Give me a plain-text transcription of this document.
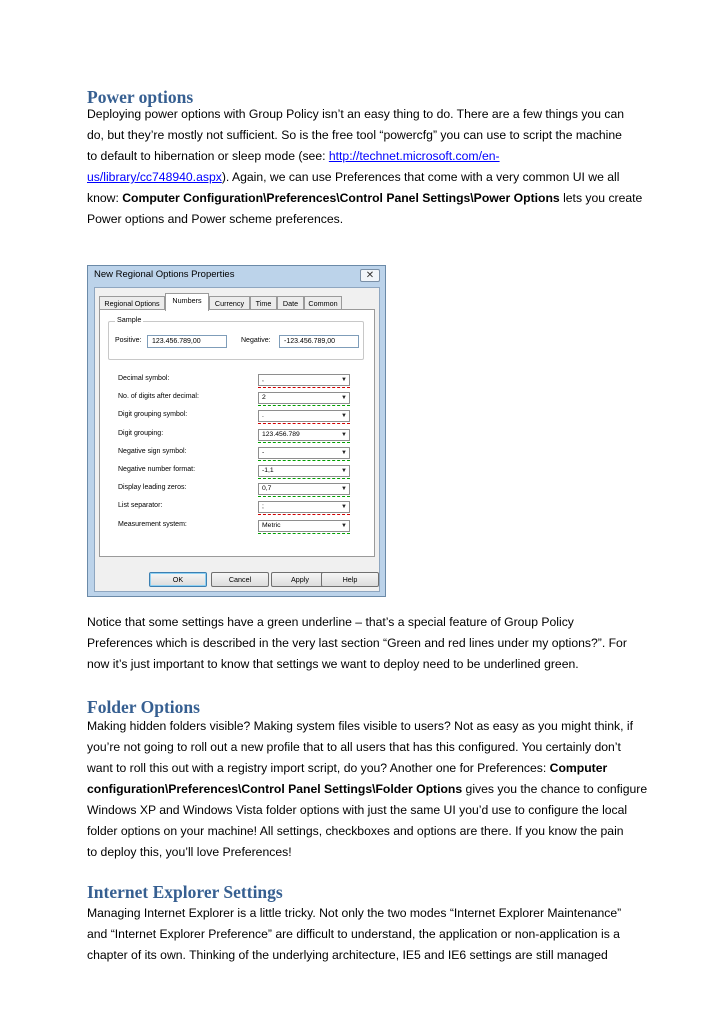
Power options
Deploying power options with Group Policy isn’t an easy thing to do. There are a few things you can
do, but they’re mostly not sufficient. So is the free tool “powercfg” you can use to script the machine
to default to hibernation or sleep mode (see: http://technet.microsoft.com/en-
us/library/cc748940.aspx). Again, we can use Preferences that come with a very common UI we all
know: Computer Configuration\Preferences\Control Panel Settings\Power Options lets you create
Power options and Power scheme preferences.
New Regional Options Properties	✕
Regional Options	Numbers	Currency	Time	Date	Common
Sample
Positive:	123.456.789,00	Negative:	-123.456.789,00
Decimal symbol:	,	▼
No. of digits after decimal:	2	▼
Digit grouping symbol:	.	▼
Digit grouping:	123.456.789	▼
Negative sign symbol:	-	▼
Negative number format:	-1,1	▼
Display leading zeros:	0,7	▼
List separator:	;	▼
Measurement system:	Metric	▼
OK	Cancel	Apply	Help
Notice that some settings have a green underline – that’s a special feature of Group Policy
Preferences which is described in the very last section “Green and red lines under my options?”. For
now it’s just important to know that settings we want to deploy need to be underlined green.
Folder Options
Making hidden folders visible? Making system files visible to users? Not as easy as you might think, if
you’re not going to roll out a new profile that to all users that has this configured. You certainly don’t
want to roll this out with a registry import script, do you? Another one for Preferences: Computer
configuration\Preferences\Control Panel Settings\Folder Options gives you the chance to configure
Windows XP and Windows Vista folder options with just the same UI you’d use to configure the local
folder options on your machine! All settings, checkboxes and options are there. If you know the pain
to deploy this, you’ll love Preferences!
Internet Explorer Settings
Managing Internet Explorer is a little tricky. Not only the two modes “Internet Explorer Maintenance”
and “Internet Explorer Preference” are difficult to understand, the application or non-application is a
chapter of its own. Thinking of the underlying architecture, IE5 and IE6 settings are still managed
